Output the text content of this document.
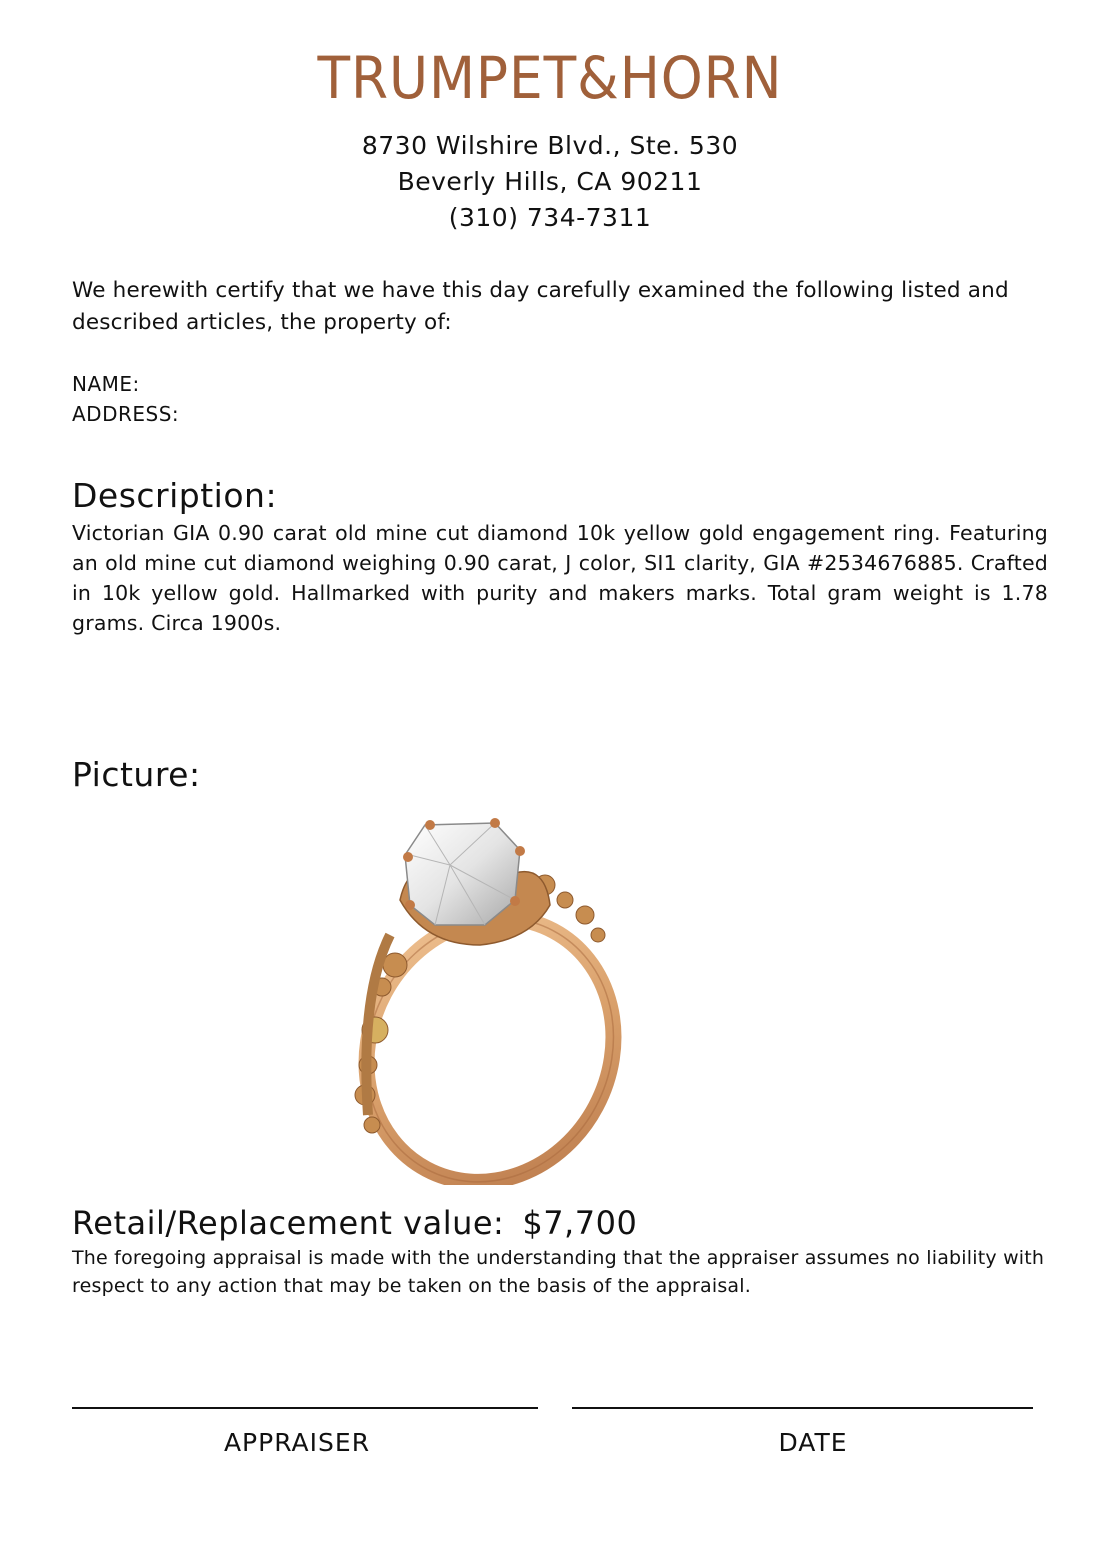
TRUMPET&HORN
8730 Wilshire Blvd., Ste. 530
Beverly Hills, CA 90211
(310) 734-7311
We herewith certify that we have this day carefully examined the following listed and described articles, the property of:
NAME:
ADDRESS:
Description:
Victorian GIA 0.90 carat old mine cut diamond 10k yellow gold engagement ring. Featuring an old mine cut diamond weighing 0.90 carat, J color, SI1 clarity, GIA #2534676885. Crafted in 10k yellow gold. Hallmarked with purity and makers marks. Total gram weight is 1.78 grams. Circa 1900s.
Picture:
Retail/Replacement value: $7,700
The foregoing appraisal is made with the understanding that the appraiser assumes no liability with respect to any action that may be taken on the basis of the appraisal.
APPRAISER	DATE
